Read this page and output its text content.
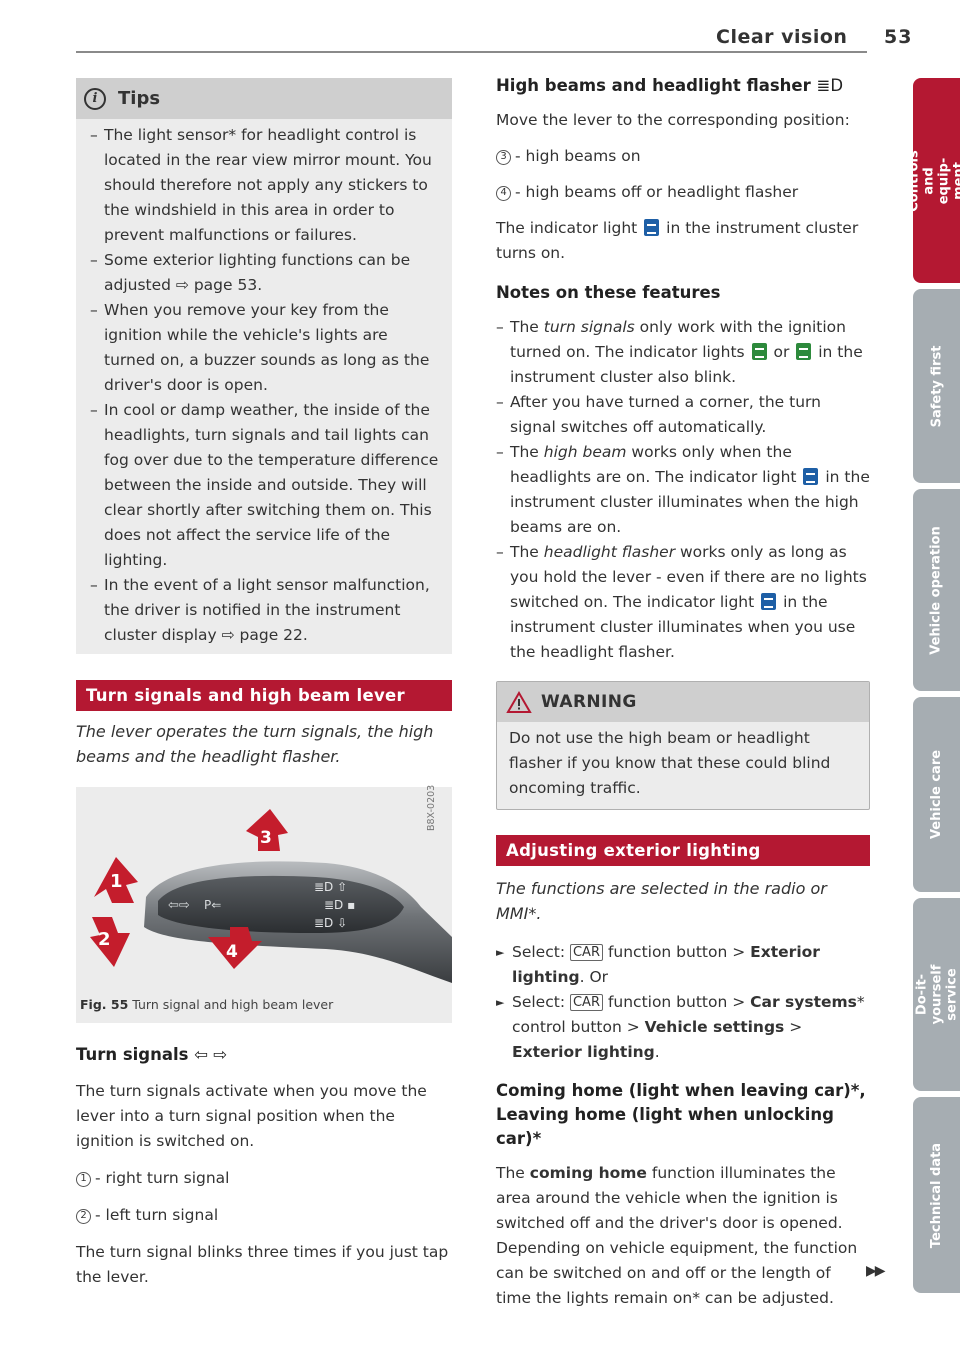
Clear vision 53
Controls and equip-
ment
Safety first
Vehicle operation
Vehicle care
Do-it-yourself
service
Technical data
i	Tips
– The light sensor* for headlight control is located in the rear view mirror mount. You should therefore not apply any stickers to the windshield in this area in order to prevent malfunctions or failures.
– Some exterior lighting functions can be adjusted ⇨ page 53.
– When you remove your key from the ignition while the vehicle's lights are turned on, a buzzer sounds as long as the driver's door is open.
– In cool or damp weather, the inside of the headlights, turn signals and tail lights can fog over due to the temperature difference between the inside and outside. They will clear shortly after switching them on. This does not affect the service life of the lighting.
– In the event of a light sensor malfunction, the driver is notified in the instrument cluster display ⇨ page 22.
Turn signals and high beam lever
The lever operates the turn signals, the high beams and the headlight flasher.
⇦⇨ P⇐
≣D ⇧
≣D ▪
≣D ⇩
1
2
3
4
B8X-0203
Fig. 55 Turn signal and high beam lever
Turn signals ⇦ ⇨
The turn signals activate when you move the lever into a turn signal position when the ignition is switched on.
1 - right turn signal
2 - left turn signal
The turn signal blinks three times if you just tap the lever.
High beams and headlight flasher ≣D
Move the lever to the corresponding position:
3 - high beams on
4 - high beams off or headlight flasher
The indicator light in the instrument cluster turns on.
Notes on these features
– The turn signals only work with the ignition turned on. The indicator lights or in the instrument cluster also blink.
– After you have turned a corner, the turn signal switches off automatically.
– The high beam works only when the headlights are on. The indicator light in the instrument cluster illuminates when the high beams are on.
– The headlight flasher works only as long as you hold the lever - even if there are no lights switched on. The indicator light in the instrument cluster illuminates when you use the headlight flasher.
WARNING
Do not use the high beam or headlight flasher if you know that these could blind oncoming traffic.
Adjusting exterior lighting
The functions are selected in the radio or MMI*.
► Select: CAR function button > Exterior lighting. Or
► Select: CAR function button > Car systems* control button > Vehicle settings > Exterior lighting.
Coming home (light when leaving car)*, Leaving home (light when unlocking car)*
The coming home function illuminates the area around the vehicle when the ignition is switched off and the driver's door is opened. Depending on vehicle equipment, the function can be switched on and off or the length of time the lights remain on* can be adjusted.
▶▶
